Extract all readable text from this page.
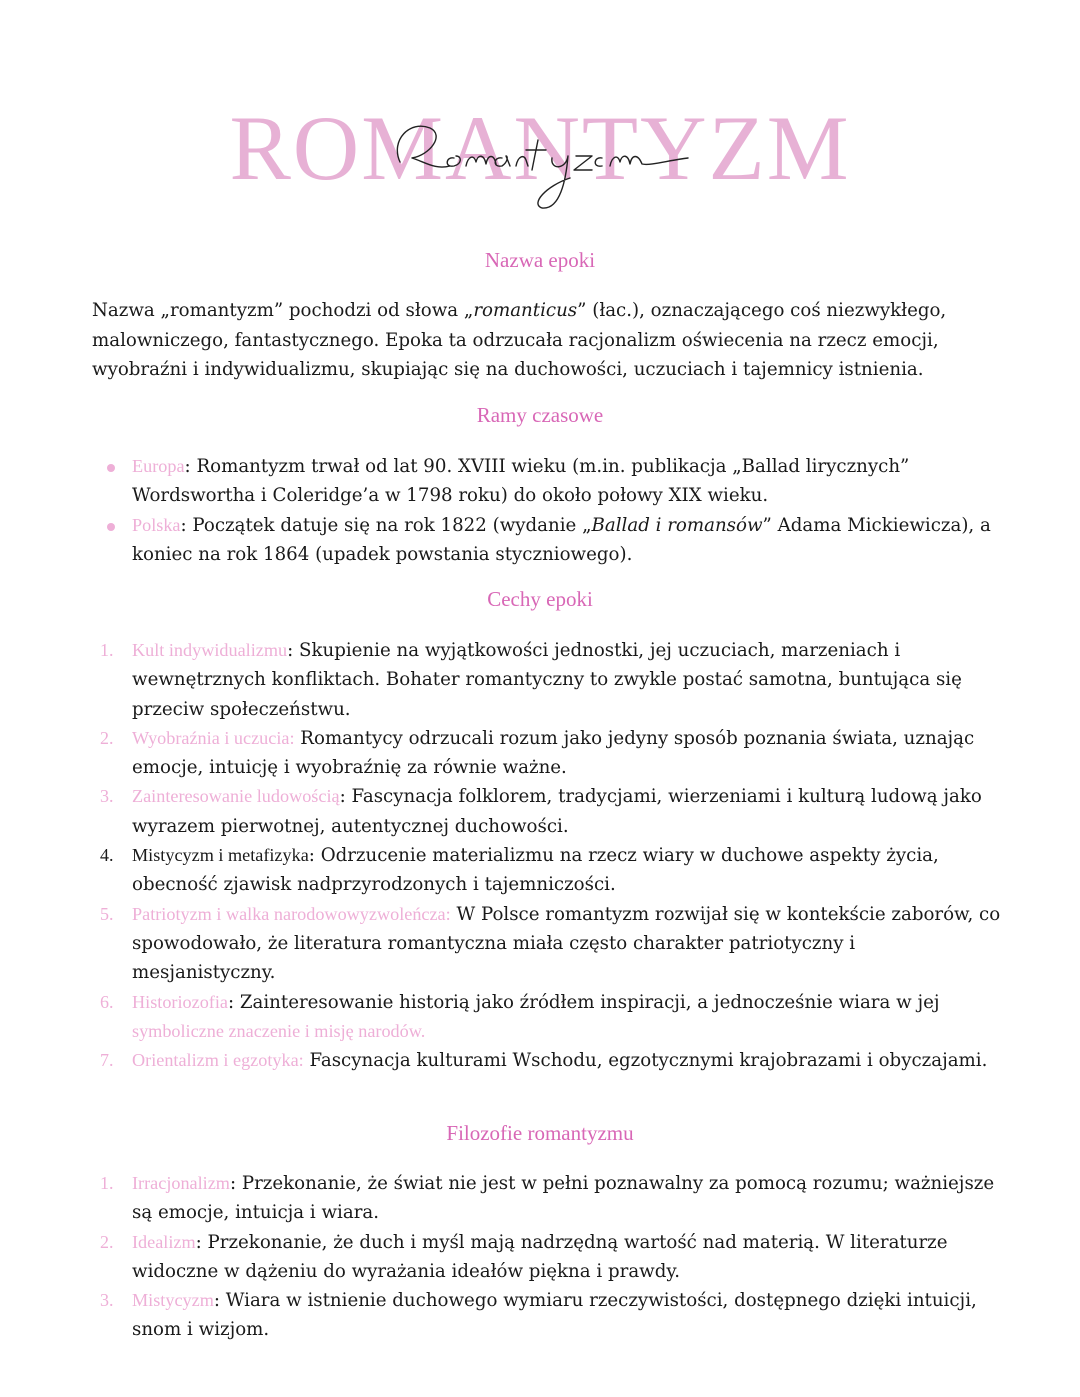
ROMANTYZM
Nazwa epoki
Nazwa „romantyzm” pochodzi od słowa „romanticus” (łac.), oznaczającego coś niezwykłego, malowniczego, fantastycznego. Epoka ta odrzucała racjonalizm oświecenia na rzecz emocji, wyobraźni i indywidualizmu, skupiając się na duchowości, uczuciach i tajemnicy istnienia.
Ramy czasowe
Europa: Romantyzm trwał od lat 90. XVIII wieku (m.in. publikacja „Ballad lirycznych” Wordswortha i Coleridge’a w 1798 roku) do około połowy XIX wieku.
Polska: Początek datuje się na rok 1822 (wydanie „Ballad i romansów” Adama Mickiewicza), a koniec na rok 1864 (upadek powstania styczniowego).
Cechy epoki
1. Kult indywidualizmu: Skupienie na wyjątkowości jednostki, jej uczuciach, marzeniach i wewnętrznych konfliktach. Bohater romantyczny to zwykle postać samotna, buntująca się przeciw społeczeństwu.
2. Wyobraźnia i uczucia: Romantycy odrzucali rozum jako jedyny sposób poznania świata, uznając emocje, intuicję i wyobraźnię za równie ważne.
3. Zainteresowanie ludowością: Fascynacja folklorem, tradycjami, wierzeniami i kulturą ludową jako wyrazem pierwotnej, autentycznej duchowości.
4. Mistycyzm i metafizyka: Odrzucenie materializmu na rzecz wiary w duchowe aspekty życia, obecność zjawisk nadprzyrodzonych i tajemniczości.
5. Patriotyzm i walka narodowowyzwoleńcza: W Polsce romantyzm rozwijał się w kontekście zaborów, co spowodowało, że literatura romantyczna miała często charakter patriotyczny i mesjanistyczny.
6. Historiozofia: Zainteresowanie historią jako źródłem inspiracji, a jednocześnie wiara w jej symboliczne znaczenie i misję narodów.
7. Orientalizm i egzotyka: Fascynacja kulturami Wschodu, egzotycznymi krajobrazami i obyczajami.
Filozofie romantyzmu
1. Irracjonalizm: Przekonanie, że świat nie jest w pełni poznawalny za pomocą rozumu; ważniejsze są emocje, intuicja i wiara.
2. Idealizm: Przekonanie, że duch i myśl mają nadrzędną wartość nad materią. W literaturze widoczne w dążeniu do wyrażania ideałów piękna i prawdy.
3. Mistycyzm: Wiara w istnienie duchowego wymiaru rzeczywistości, dostępnego dzięki intuicji, snom i wizjom.
